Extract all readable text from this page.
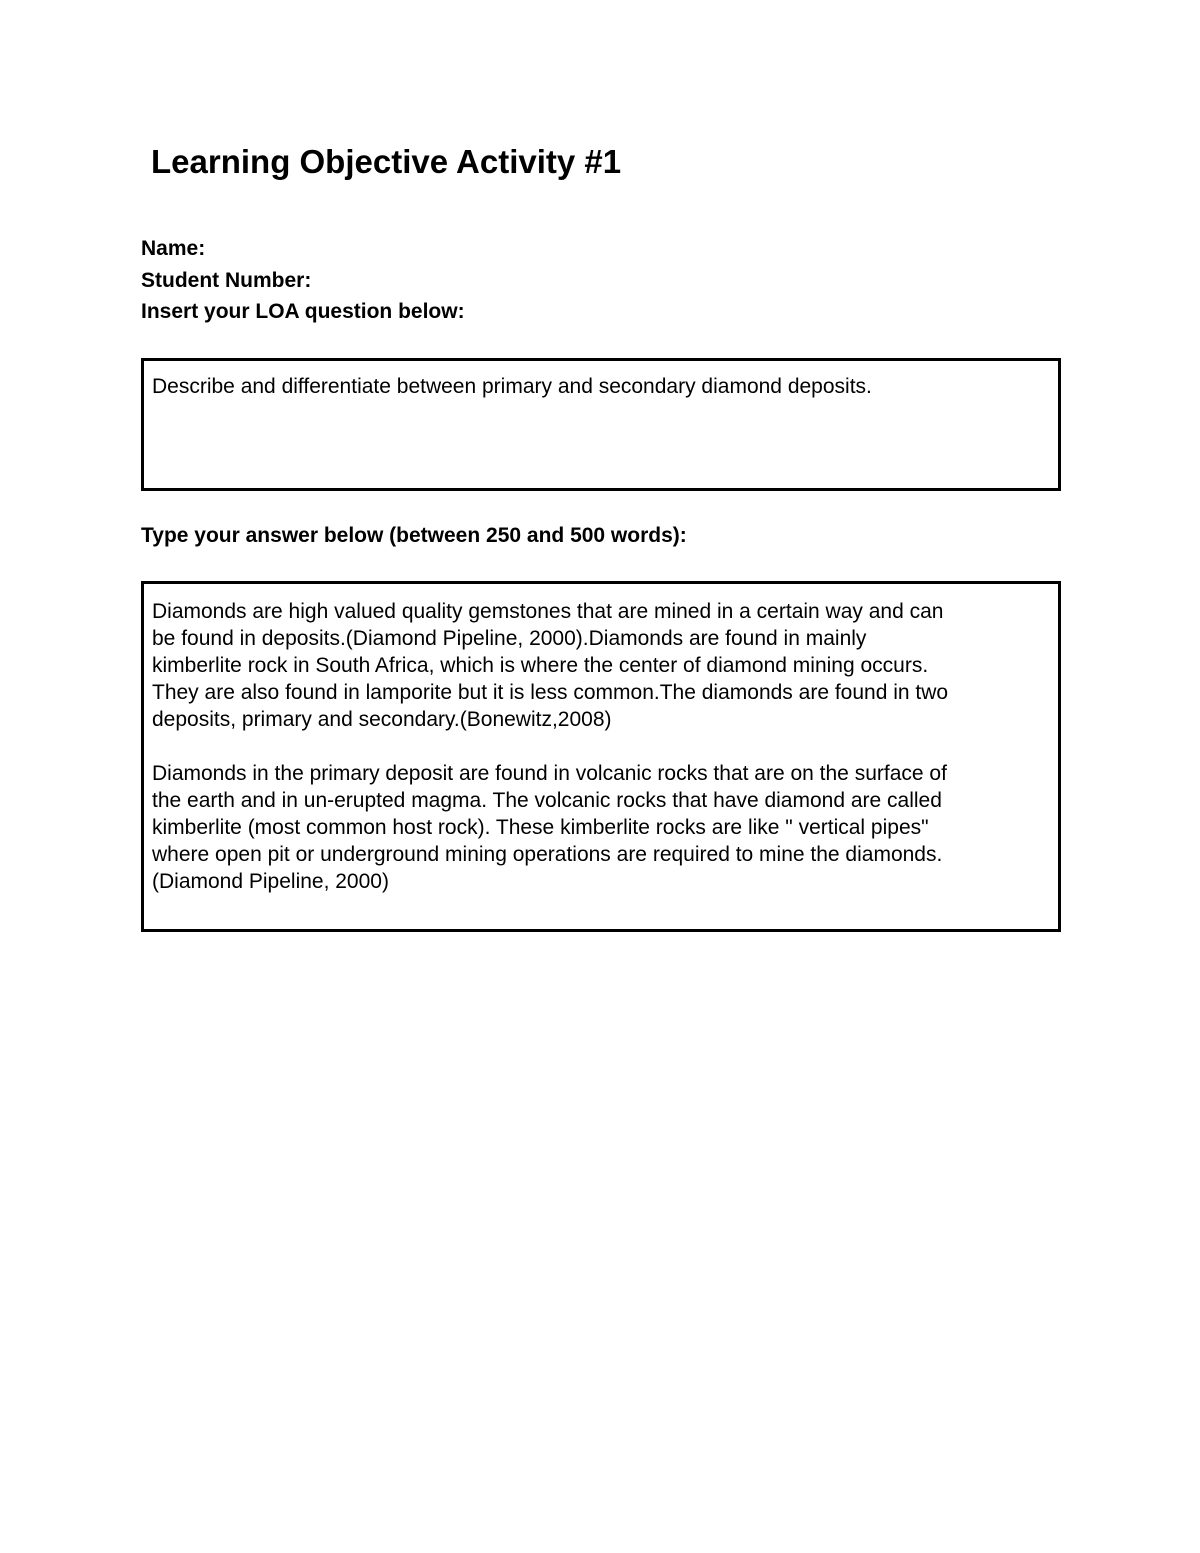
Learning Objective Activity #1
Name:
Student Number:
Insert your LOA question below:
Describe and differentiate between primary and secondary diamond deposits.
Type your answer below (between 250 and 500 words):

Diamonds are high valued quality gemstones that are mined in a certain way and can
be found in deposits.(Diamond Pipeline, 2000).Diamonds are found in mainly
kimberlite rock in South Africa, which is where the center of diamond mining occurs.
They are also found in lamporite but it is less common.The diamonds are found in two
deposits, primary and secondary.(Bonewitz,2008)

Diamonds in the primary deposit are found in volcanic rocks that are on the surface of
the earth and in un-erupted magma. The volcanic rocks that have diamond are called
kimberlite (most common host rock). These kimberlite rocks are like " vertical pipes"
where open pit or underground mining operations are required to mine the diamonds.
(Diamond Pipeline, 2000)
